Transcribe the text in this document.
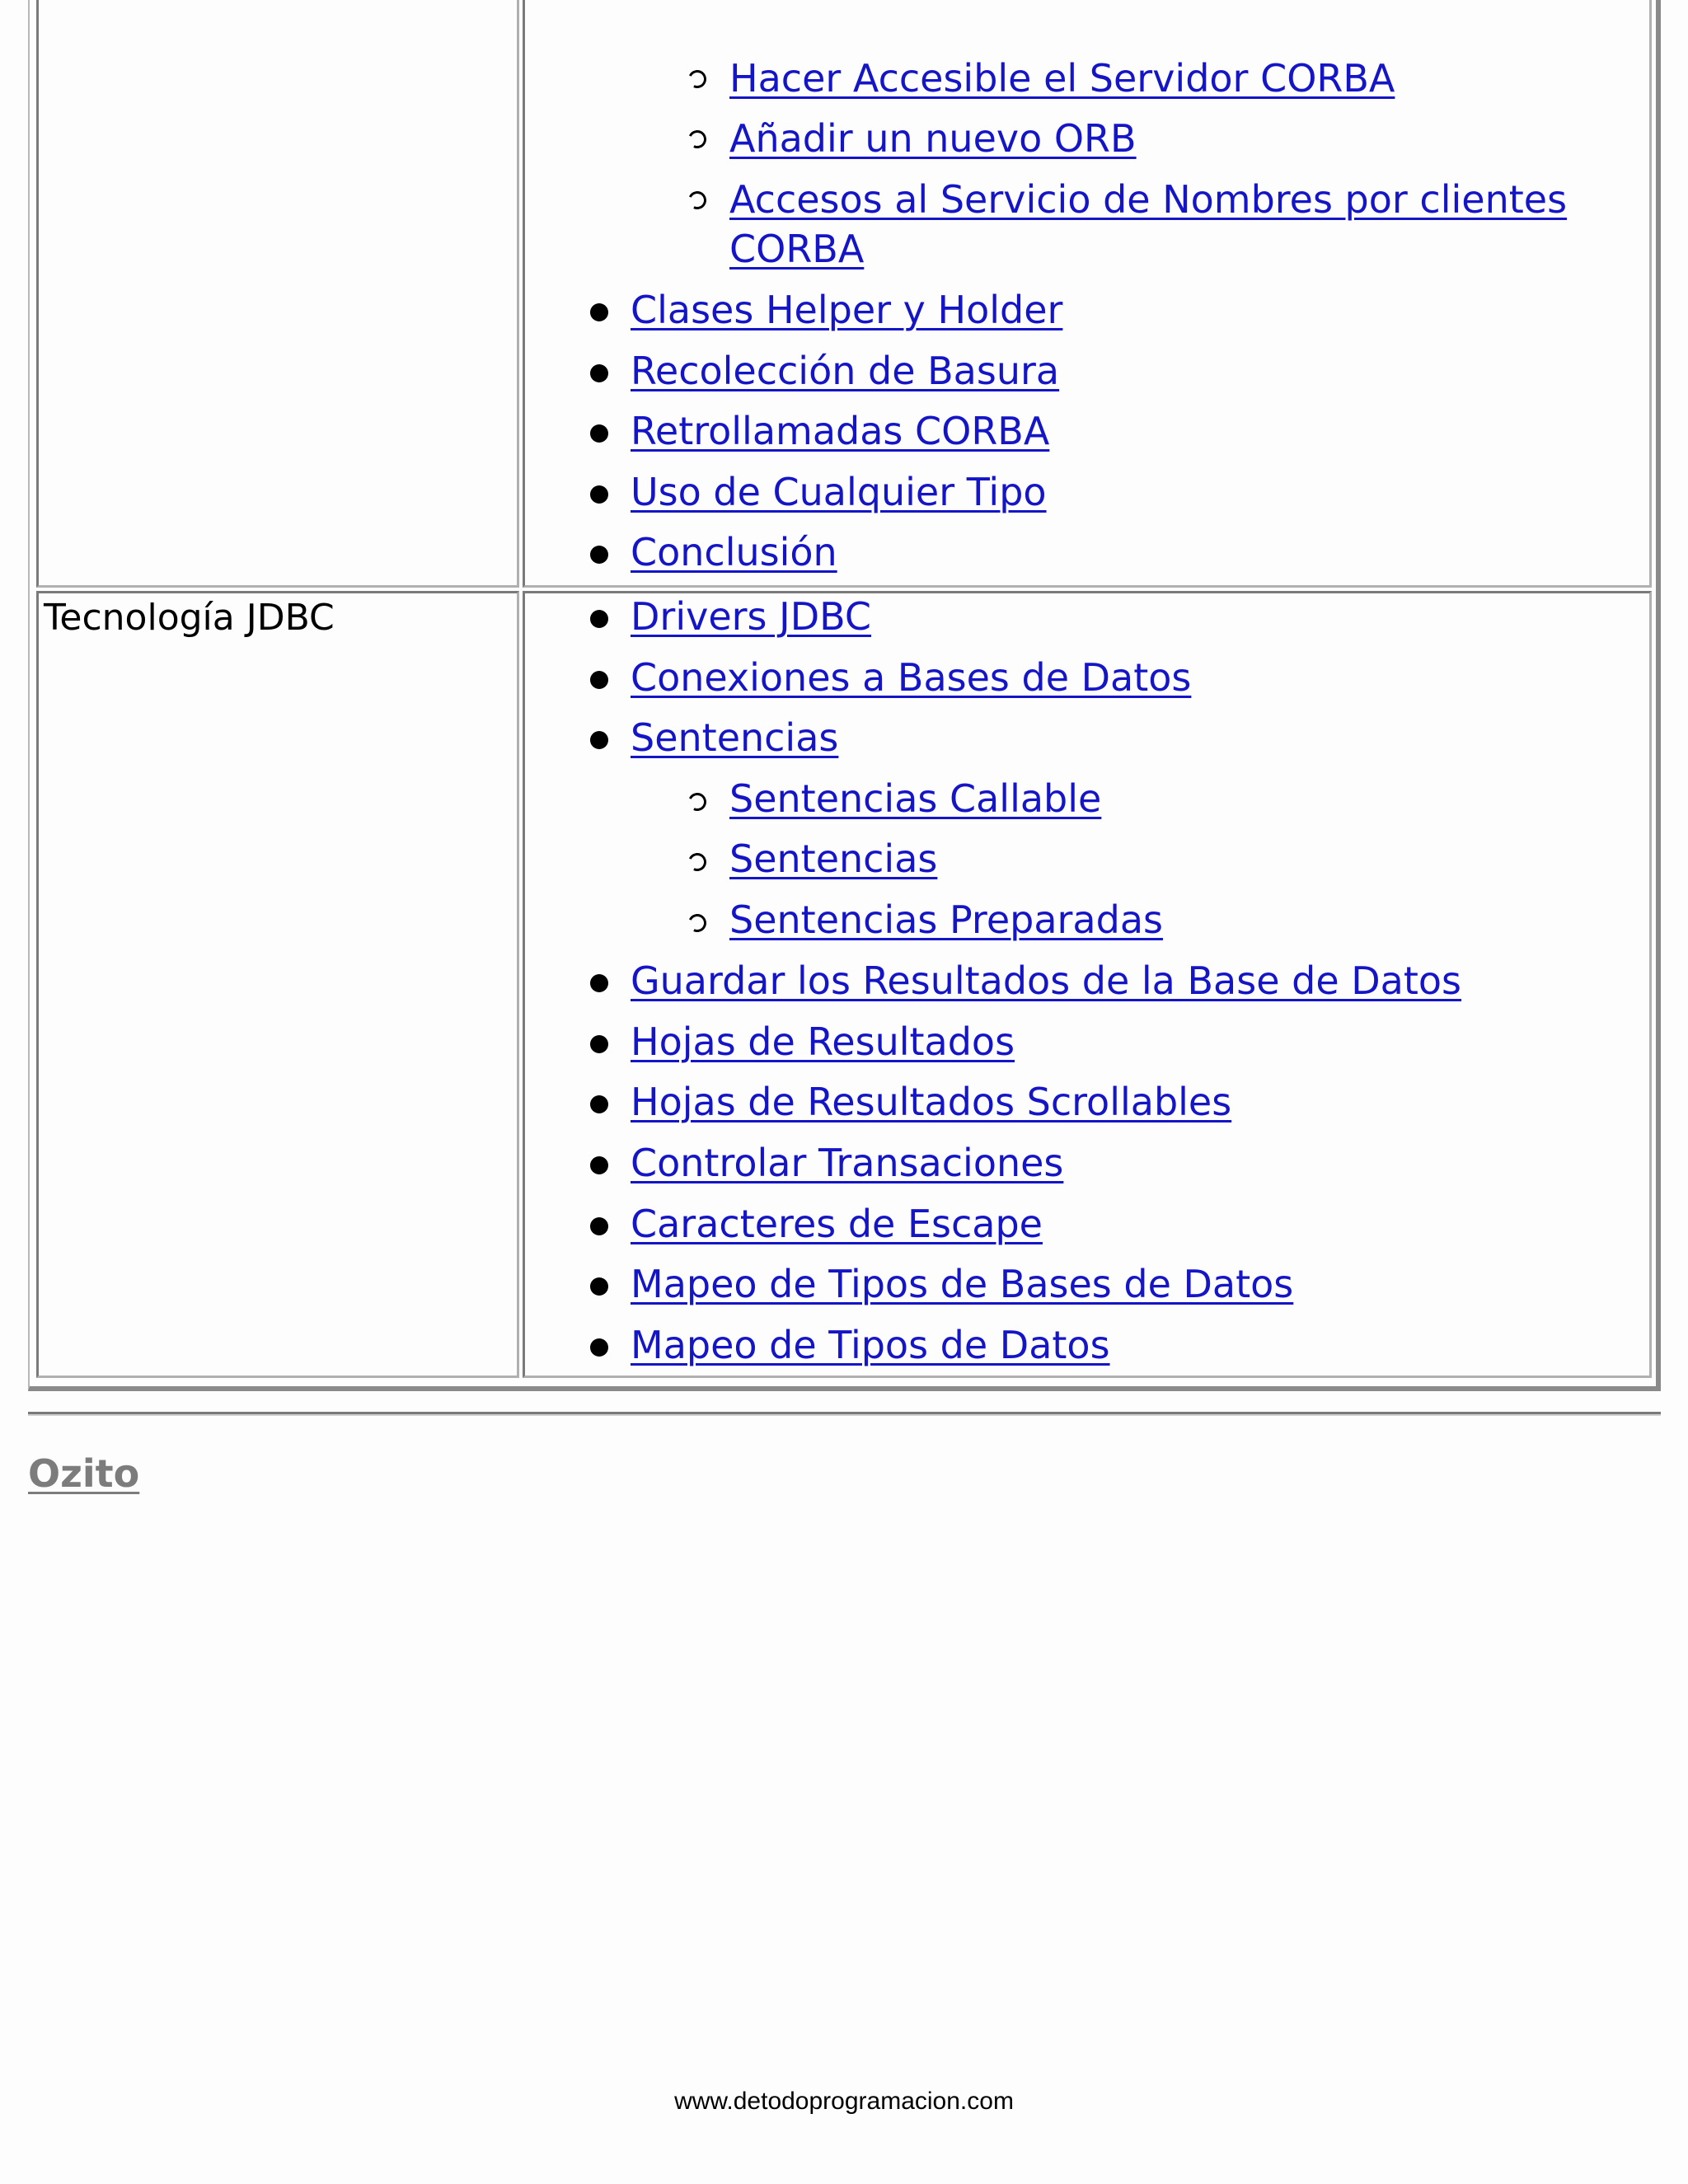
Hacer Accesible el Servidor CORBA
Añadir un nuevo ORB
Accesos al Servicio de Nombres por clientes
CORBA
Clases Helper y Holder
Recolección de Basura
Retrollamadas CORBA
Uso de Cualquier Tipo
Conclusión
Tecnología JDBC	Drivers JDBC
Conexiones a Bases de Datos
Sentencias
Sentencias Callable
Sentencias
Sentencias Preparadas
Guardar los Resultados de la Base de Datos
Hojas de Resultados
Hojas de Resultados Scrollables
Controlar Transaciones
Caracteres de Escape
Mapeo de Tipos de Bases de Datos
Mapeo de Tipos de Datos
Ozito
www.detodoprogramacion.com
